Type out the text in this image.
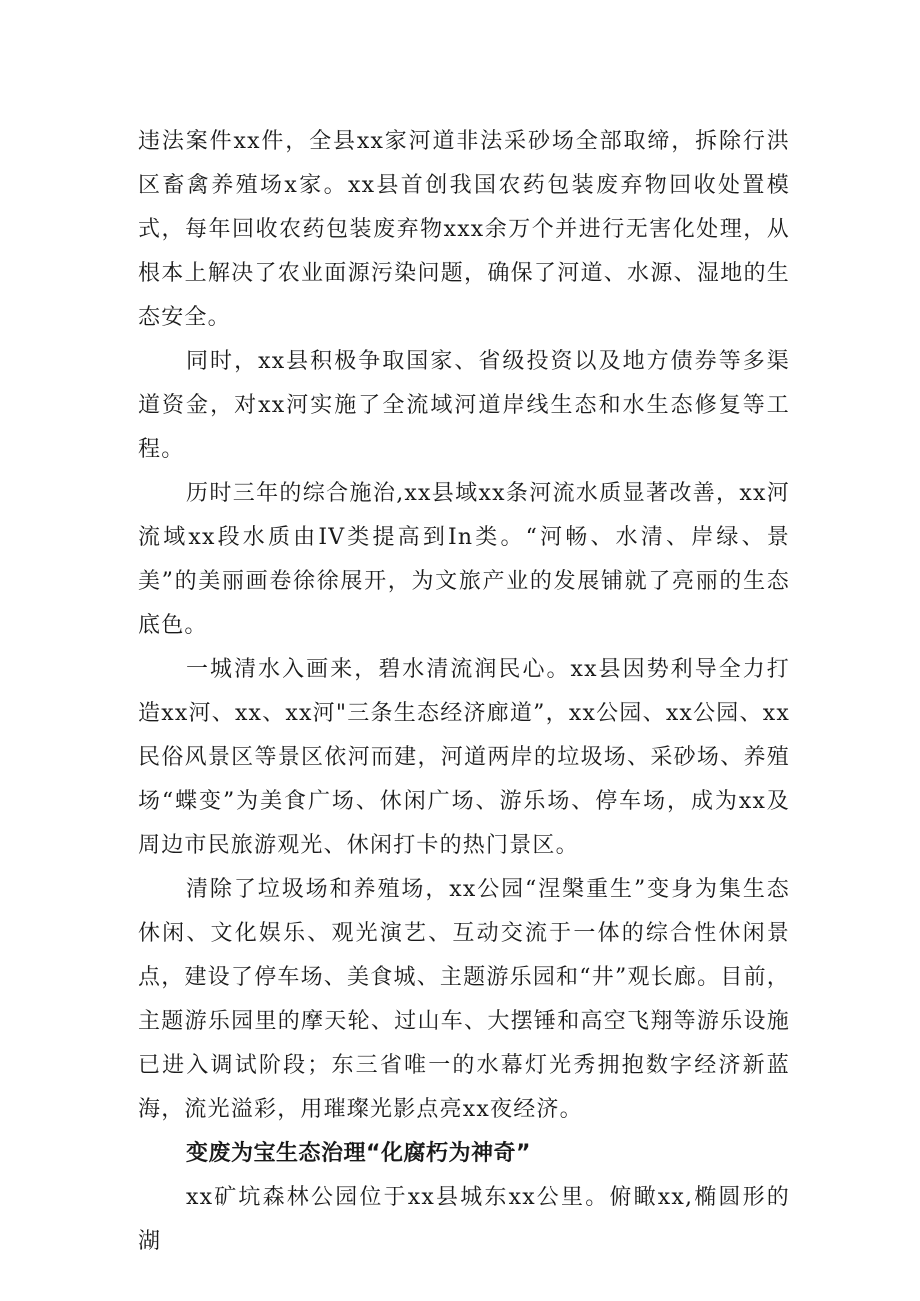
违法案件xx件，全县xx家河道非法采砂场全部取缔，拆除行洪区畜禽养殖场x家。xx县首创我国农药包装废弃物回收处置模式，每年回收农药包装废弃物xxx余万个并进行无害化处理，从根本上解决了农业面源污染问题，确保了河道、水源、湿地的生态安全。

同时，xx县积极争取国家、省级投资以及地方债券等多渠道资金，对xx河实施了全流域河道岸线生态和水生态修复等工程。

历时三年的综合施治,xx县域xx条河流水质显著改善，xx河流域xx段水质由IV类提高到In类。“河畅、水清、岸绿、景美”的美丽画卷徐徐展开，为文旅产业的发展铺就了亮丽的生态底色。

一城清水入画来，碧水清流润民心。xx县因势利导全力打造xx河、xx、xx河"三条生态经济廊道”，xx公园、xx公园、xx民俗风景区等景区依河而建，河道两岸的垃圾场、采砂场、养殖场“蝶变”为美食广场、休闲广场、游乐场、停车场，成为xx及周边市民旅游观光、休闲打卡的热门景区。

清除了垃圾场和养殖场，xx公园“涅槃重生”变身为集生态休闲、文化娱乐、观光演艺、互动交流于一体的综合性休闲景点，建设了停车场、美食城、主题游乐园和“井”观长廊。目前，主题游乐园里的摩天轮、过山车、大摆锤和高空飞翔等游乐设施已进入调试阶段；东三省唯一的水幕灯光秀拥抱数字经济新蓝海，流光溢彩，用璀璨光影点亮xx夜经济。

变废为宝生态治理“化腐朽为神奇”

xx矿坑森林公园位于xx县城东xx公里。俯瞰xx,椭圆形的湖
